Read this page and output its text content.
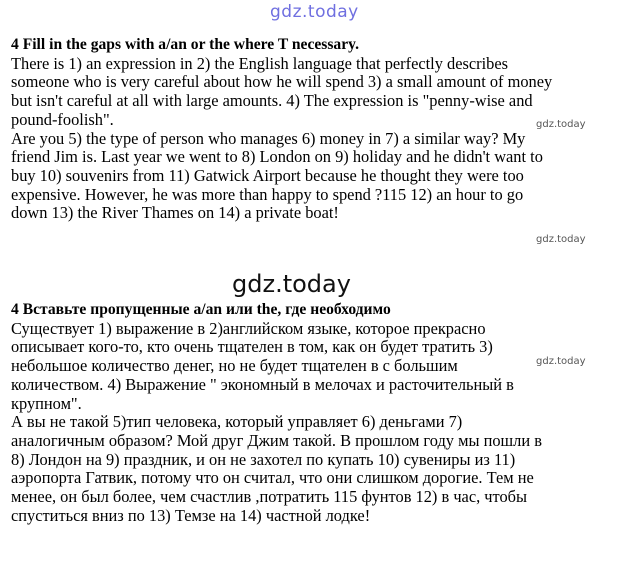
gdz.today
4 Fill in the gaps with a/an or the where T necessary.
There is 1) an expression in 2) the English language that perfectly describes
someone who is very careful about how he will spend 3) a small amount of money
but isn't careful at all with large amounts. 4) The expression is "penny-wise and
pound-foolish".
Are you 5) the type of person who manages 6) money in 7) a similar way? My
friend Jim is. Last year we went to 8) London on 9) holiday and he didn't want to
buy 10) souvenirs from 11) Gatwick Airport because he thought they were too
expensive. However, he was more than happy to spend ?115 12) an hour to go
down 13) the River Thames on 14) a private boat!
gdz.today
gdz.today
gdz.today
4 Вставьте пропущенные a/an или the, где необходимо
Существует 1) выражение в 2)английском языке, которое прекрасно
описывает кого-то, кто очень тщателен в том, как он будет тратить 3)
небольшое количество денег, но не будет тщателен в с большим
количеством. 4) Выражение " экономный в мелочах и расточительный в
крупном".
А вы не такой 5)тип человека, который управляет 6) деньгами 7)
аналогичным образом? Мой друг Джим такой. В прошлом году мы пошли в
8) Лондон на 9) праздник, и он не захотел по купать 10) сувениры из 11)
аэропорта Гатвик, потому что он считал, что они слишком дорогие. Тем не
менее, он был более, чем счастлив ,потратить 115 фунтов 12) в час, чтобы
спуститься вниз по 13) Темзе на 14) частной лодке!
gdz.today
